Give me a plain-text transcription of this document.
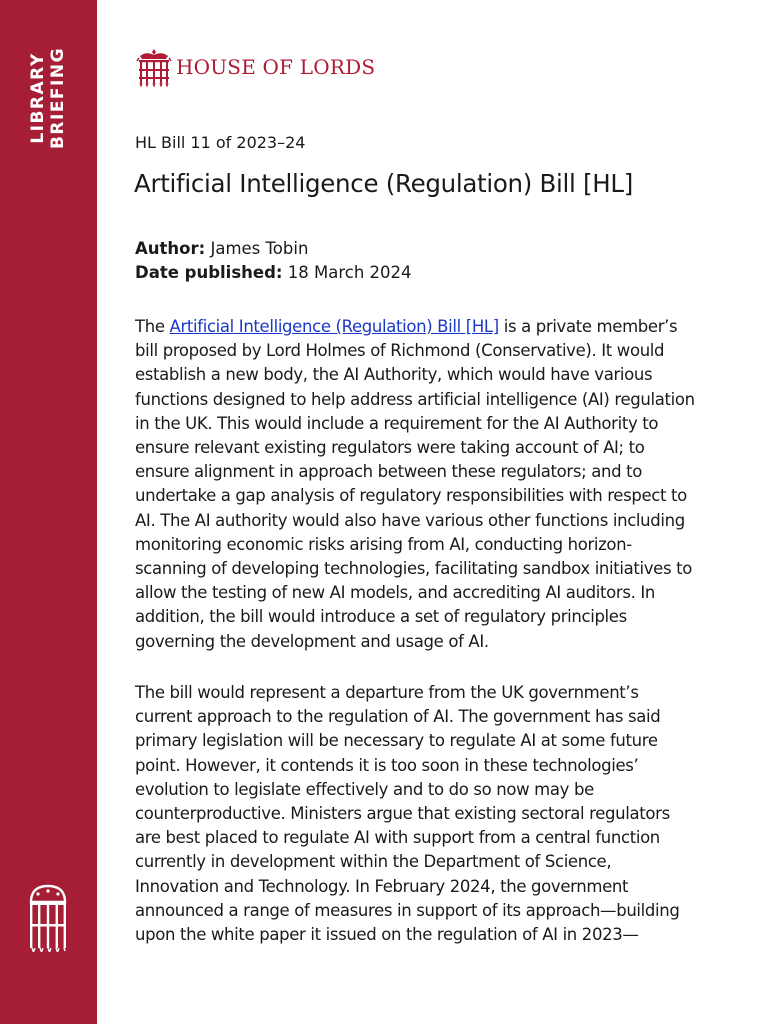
LIBRARY BRIEFING	HOUSE OF LORDS
HL Bill 11 of 2023–24
Artificial Intelligence (Regulation) Bill [HL]
Author: James Tobin
Date published: 18 March 2024
The Artificial Intelligence (Regulation) Bill [HL] is a private member’s
bill proposed by Lord Holmes of Richmond (Conservative). It would
establish a new body, the AI Authority, which would have various
functions designed to help address artificial intelligence (AI) regulation
in the UK. This would include a requirement for the AI Authority to
ensure relevant existing regulators were taking account of AI; to
ensure alignment in approach between these regulators; and to
undertake a gap analysis of regulatory responsibilities with respect to
AI. The AI authority would also have various other functions including
monitoring economic risks arising from AI, conducting horizon-
scanning of developing technologies, facilitating sandbox initiatives to
allow the testing of new AI models, and accrediting AI auditors. In
addition, the bill would introduce a set of regulatory principles
governing the development and usage of AI.
The bill would represent a departure from the UK government’s
current approach to the regulation of AI. The government has said
primary legislation will be necessary to regulate AI at some future
point. However, it contends it is too soon in these technologies’
evolution to legislate effectively and to do so now may be
counterproductive. Ministers argue that existing sectoral regulators
are best placed to regulate AI with support from a central function
currently in development within the Department of Science,
Innovation and Technology. In February 2024, the government
announced a range of measures in support of its approach—building
upon the white paper it issued on the regulation of AI in 2023—
